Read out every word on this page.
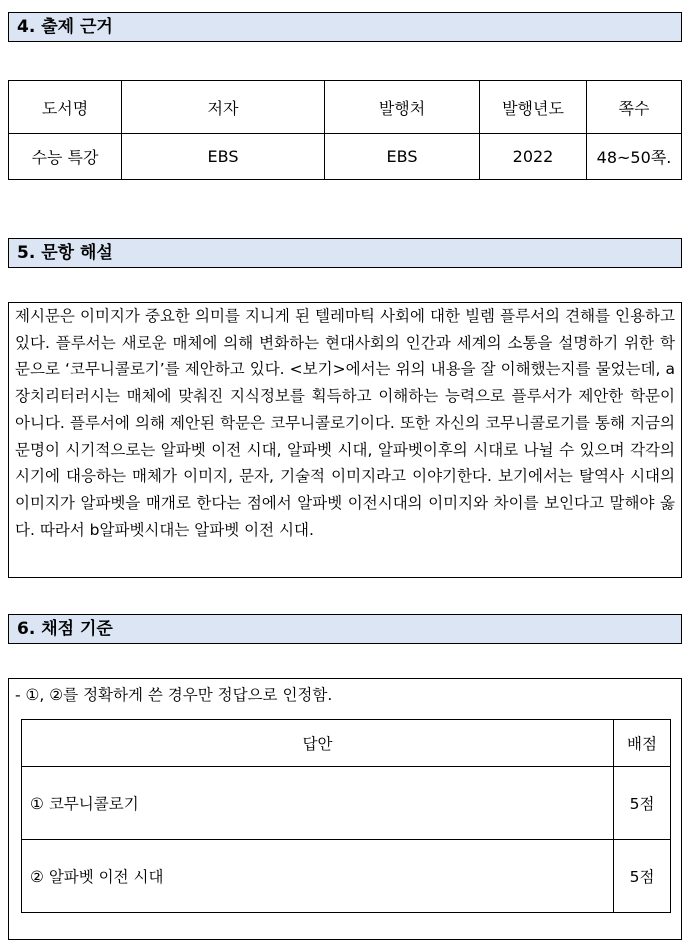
4. 출제 근거
도서명	저자	발행처	발행년도	쪽수
수능 특강	EBS	EBS	2022	48~50쪽.
5. 문항 해설
제시문은 이미지가 중요한 의미를 지니게 된 텔레마틱 사회에 대한 빌렘 플루서의 견해를 인용하고 있다. 플루서는 새로운 매체에 의해 변화하는 현대사회의 인간과 세계의 소통을 설명하기 위한 학문으로 ‘코무니콜로기’를 제안하고 있다. <보기>에서는 위의 내용을 잘 이해했는지를 물었는데, a장치리터러시는 매체에 맞춰진 지식정보를 획득하고 이해하는 능력으로 플루서가 제안한 학문이 아니다. 플루서에 의해 제안된 학문은 코무니콜로기이다. 또한 자신의 코무니콜로기를 통해 지금의 문명이 시기적으로는 알파벳 이전 시대, 알파벳 시대, 알파벳이후의 시대로 나뉠 수 있으며 각각의 시기에 대응하는 매체가 이미지, 문자, 기술적 이미지라고 이야기한다. 보기에서는 탈역사 시대의 이미지가 알파벳을 매개로 한다는 점에서 알파벳 이전시대의 이미지와 차이를 보인다고 말해야 옳다. 따라서 b알파벳시대는 알파벳 이전 시대.
6. 채점 기준
- ①, ②를 정확하게 쓴 경우만 정답으로 인정함.
답안	배점
① 코무니콜로기	5점
② 알파벳 이전 시대	5점
